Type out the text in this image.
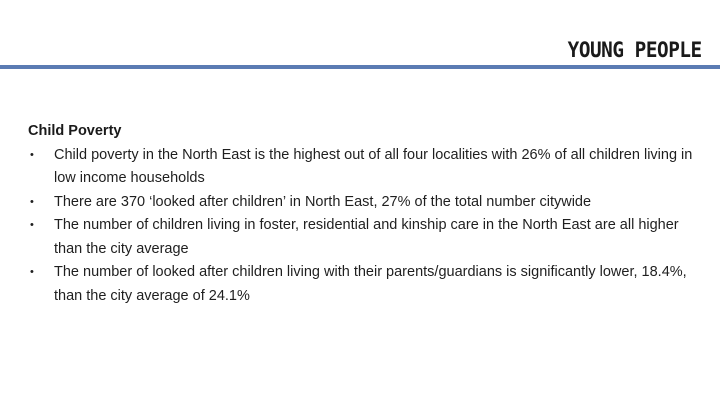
YOUNG PEOPLE
Child Poverty
• Child poverty in the North East is the highest out of all four localities with 26% of all children living in low income households
• There are 370 ‘looked after children’ in North East, 27% of the total number citywide
• The number of children living in foster, residential and kinship care in the North East are all higher than the city average
• The number of looked after children living with their parents/guardians is significantly lower, 18.4%, than the city average of 24.1%
